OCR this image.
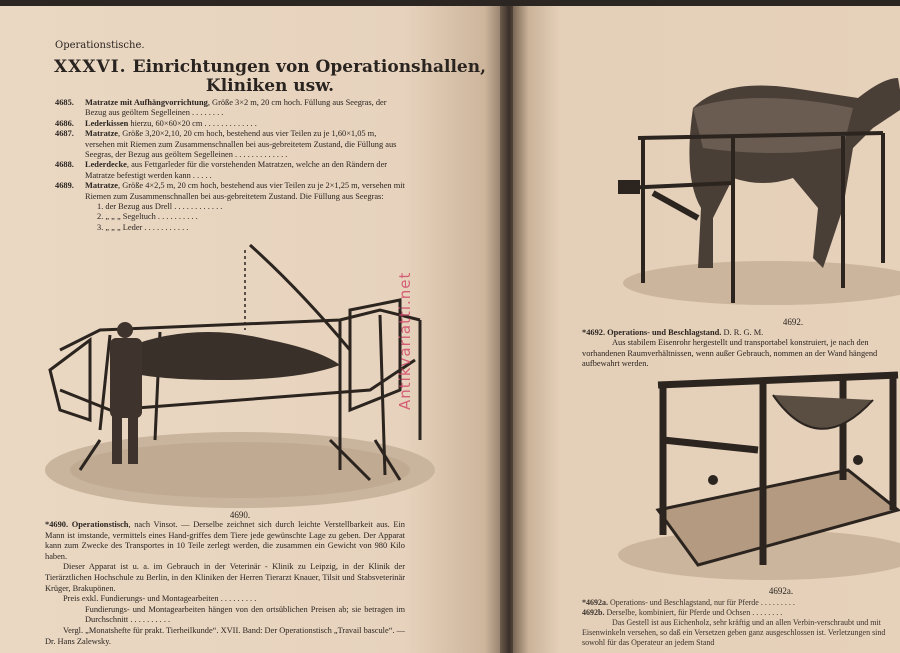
Operationstische.
XXXVI. Einrichtungen von Operationshallen,
Kliniken usw.
4685.	Matratze mit Aufhängvorrichtung, Größe 3×2 m, 20 cm hoch. Füllung aus Seegras, der Bezug aus geöltem Segelleinen . . . . . . . .
4686.	Lederkissen hierzu, 60×60×20 cm . . . . . . . . . . . . .
4687.	Matratze, Größe 3,20×2,10, 20 cm hoch, bestehend aus vier Teilen zu je 1,60×1,05 m, versehen mit Riemen zum Zusammenschnallen bei aus-gebreitetem Zustand, die Füllung aus Seegras, der Bezug aus geöltem Segelleinen . . . . . . . . . . . . .
4688.	Lederdecke, aus Fettgarleder für die vorstehenden Matratzen, welche an den Rändern der Matratze befestigt werden kann . . . . .
4689.	Matratze, Größe 4×2,5 m, 20 cm hoch, bestehend aus vier Teilen zu je 2×1,25 m, versehen mit Riemen zum Zusammenschnallen bei aus-gebreitetem Zustand. Die Füllung aus Seegras:
1. der Bezug aus Drell . . . . . . . . . . . .
2. „ „ „ Segeltuch . . . . . . . . . .
3. „ „ „ Leder . . . . . . . . . . .
4690.

*4690. Operationstisch, nach Vinsot. — Derselbe zeichnet sich durch leichte Verstellbarkeit aus. Ein Mann ist imstande, vermittels eines Hand-griffes dem Tiere jede gewünschte Lage zu geben. Der Apparat kann zum Zwecke des Transportes in 10 Teile zerlegt werden, die zusammen ein Gewicht von 980 Kilo haben.

Dieser Apparat ist u. a. im Gebrauch in der Veterinär - Klinik zu Leipzig, in der Klinik der Tierärztlichen Hochschule zu Berlin, in den Kliniken der Herren Tierarzt Knauer, Tilsit und Stabsveterinär Krüger, Brakupönen.

Preis exkl. Fundierungs- und Montagearbeiten . . . . . . . . .

Fundierungs- und Montagearbeiten hängen von den ortsüblichen Preisen ab; sie betragen im Durchschnitt . . . . . . . . . .

Vergl. „Monatshefte für prakt. Tierheilkunde“. XVII. Band: Der Operationstisch „Travail bascule“. — Dr. Hans Zalewsky.

4692.
4692a.

*4692. Operations- und Beschlagstand. D. R. G. M.

Aus stabilem Eisenrohr hergestellt und transportabel konstruiert, je nach den vorhandenen Raumverhältnissen, wenn außer Gebrauch, nommen an der Wand hängend aufbewahrt werden.

*4692a. Operations- und Beschlagstand, nur für Pferde . . . . . . . . .

4692b. Derselbe, kombiniert, für Pferde und Ochsen . . . . . . . .

Das Gestell ist aus Eichenholz, sehr kräftig und an allen Verbin-verschraubt und mit Eisenwinkeln versehen, so daß ein Versetzen geben ganz ausgeschlossen ist. Verletzungen sind sowohl für das Operateur an jedem Stand

Antikvariatti.net
